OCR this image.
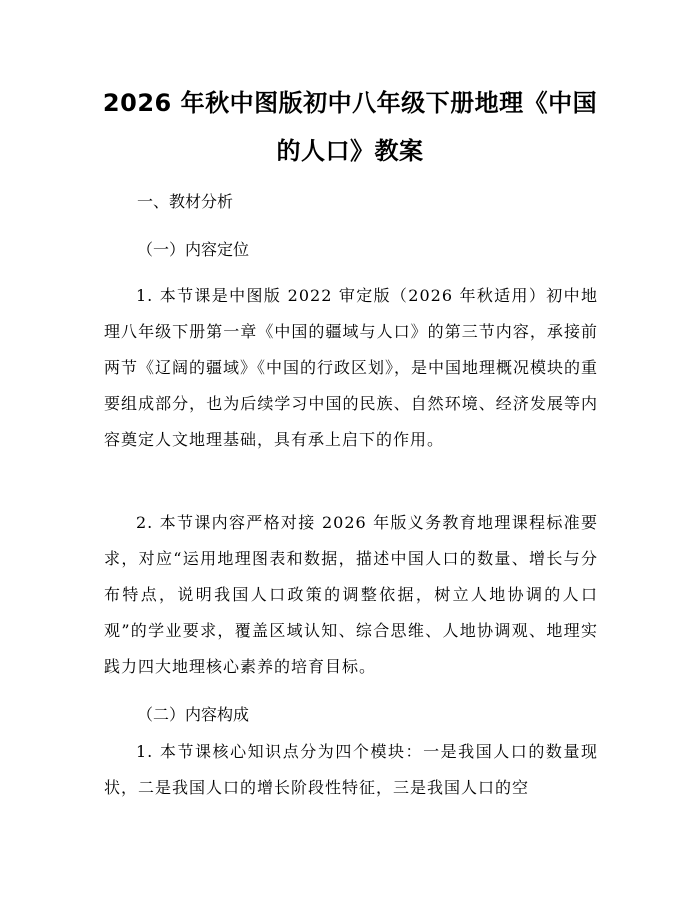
2026 年秋中图版初中八年级下册地理《中国
的人口》教案
一、教材分析
（一）内容定位

1. 本节课是中图版 2022 审定版（2026 年秋适用）初中地理八年级下册第一章《中国的疆域与人口》的第三节内容，承接前两节《辽阔的疆域》《中国的行政区划》，是中国地理概况模块的重要组成部分，也为后续学习中国的民族、自然环境、经济发展等内容奠定人文地理基础，具有承上启下的作用。

2. 本节课内容严格对接 2026 年版义务教育地理课程标准要求，对应“运用地理图表和数据，描述中国人口的数量、增长与分布特点，说明我国人口政策的调整依据，树立人地协调的人口观”的学业要求，覆盖区域认知、综合思维、人地协调观、地理实践力四大地理核心素养的培育目标。

（二）内容构成

1. 本节课核心知识点分为四个模块：一是我国人口的数量现状，二是我国人口的增长阶段性特征，三是我国人口的空
